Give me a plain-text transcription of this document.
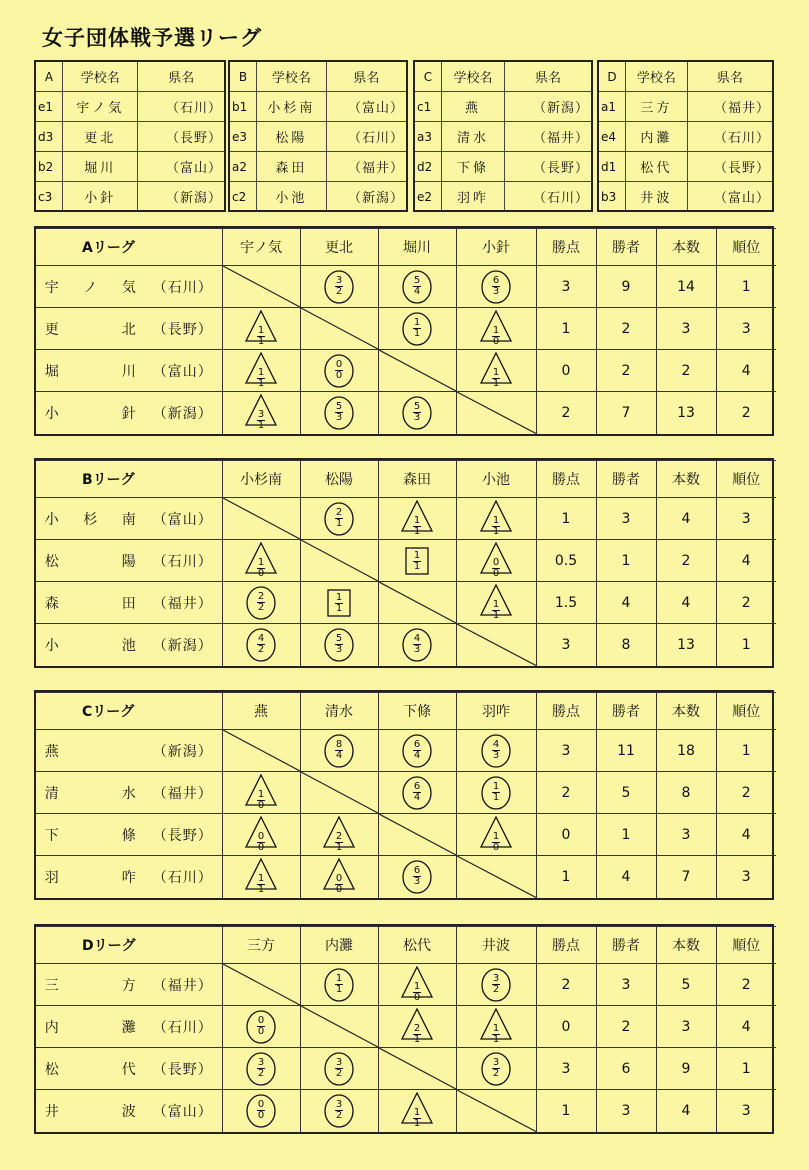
女子団体戦予選リーグ
A	学校名	県名
e1	宇ノ気	（石川）
d3	更北	（長野）
b2	堀川	（富山）
c3	小針	（新潟）
B	学校名	県名
b1	小杉南	（富山）
e3	松陽	（石川）
a2	森田	（福井）
c2	小池	（新潟）
C	学校名	県名
c1	燕	（新潟）
a3	清水	（福井）
d2	下條	（長野）
e2	羽咋	（石川）
D	学校名	県名
a1	三方	（福井）
e4	内灘	（石川）
d1	松代	（長野）
b3	井波	（富山）
Aリーグ	宇ノ気	更北	堀川	小針	勝点	勝者	本数	順位
宇ノ気 （石川）		$\frac{3}{2}$	$\frac{5}{4}$	$\frac{6}{3}$	3	9	14	1
更北 （長野）	$\frac{1}{1}$		$\frac{1}{1}$	$\frac{1}{0}$	1	2	3	3
堀川 （富山）	$\frac{1}{1}$	$\frac{0}{0}$		$\frac{1}{1}$	0	2	2	4
小針 （新潟）	$\frac{3}{1}$	$\frac{5}{3}$	$\frac{5}{3}$		2	7	13	2
Bリーグ	小杉南	松陽	森田	小池	勝点	勝者	本数	順位
小杉南 （富山）		$\frac{2}{1}$	$\frac{1}{1}$	$\frac{1}{1}$	1	3	4	3
松陽 （石川）	$\frac{1}{0}$		$\frac{1}{1}$	$\frac{0}{0}$	0.5	1	2	4
森田 （福井）	$\frac{2}{2}$	$\frac{1}{1}$		$\frac{1}{1}$	1.5	4	4	2
小池 （新潟）	$\frac{4}{2}$	$\frac{5}{3}$	$\frac{4}{3}$		3	8	13	1
Cリーグ	燕	清水	下條	羽咋	勝点	勝者	本数	順位
燕 （新潟）		$\frac{8}{4}$	$\frac{6}{4}$	$\frac{4}{3}$	3	11	18	1
清水 （福井）	$\frac{1}{0}$		$\frac{6}{4}$	$\frac{1}{1}$	2	5	8	2
下條 （長野）	$\frac{0}{0}$	$\frac{2}{1}$		$\frac{1}{0}$	0	1	3	4
羽咋 （石川）	$\frac{1}{1}$	$\frac{0}{0}$	$\frac{6}{3}$		1	4	7	3
Dリーグ	三方	内灘	松代	井波	勝点	勝者	本数	順位
三方 （福井）		$\frac{1}{1}$	$\frac{1}{0}$	$\frac{3}{2}$	2	3	5	2
内灘 （石川）	$\frac{0}{0}$		$\frac{2}{1}$	$\frac{1}{1}$	0	2	3	4
松代 （長野）	$\frac{3}{2}$	$\frac{3}{2}$		$\frac{3}{2}$	3	6	9	1
井波 （富山）	$\frac{0}{0}$	$\frac{3}{2}$	$\frac{1}{1}$		1	3	4	3
